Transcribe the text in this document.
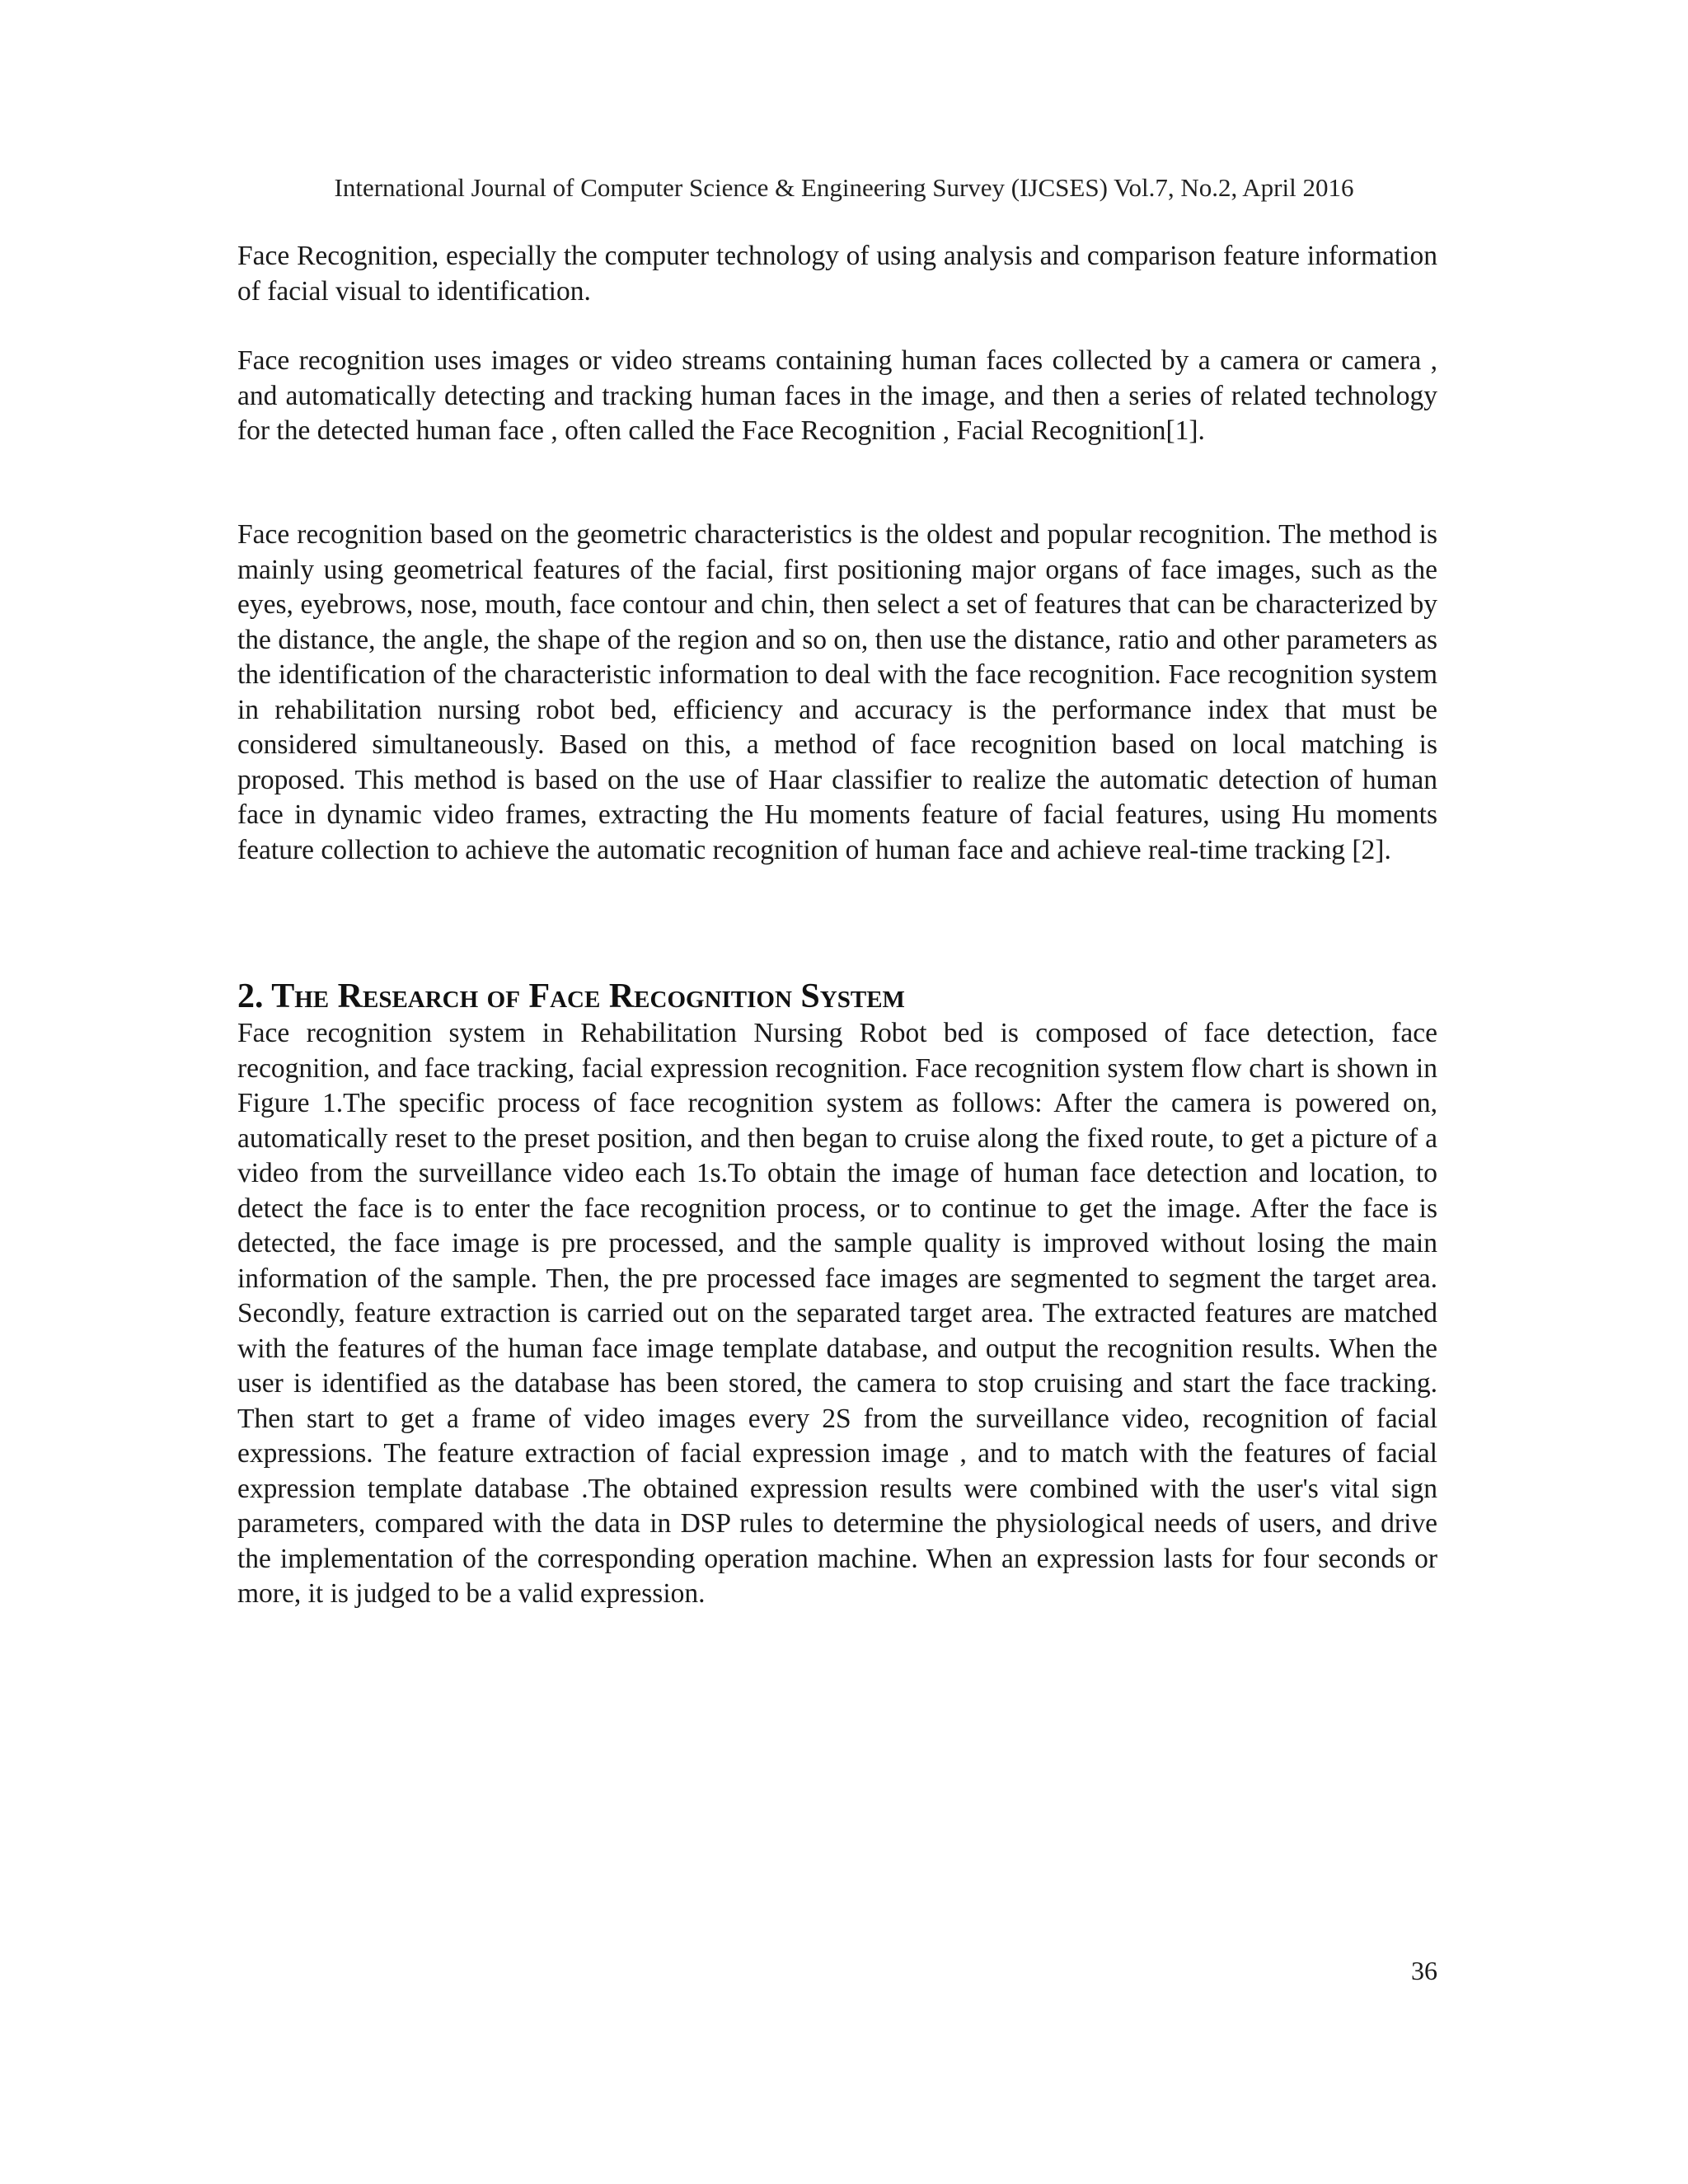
International Journal of Computer Science & Engineering Survey (IJCSES) Vol.7, No.2, April 2016

Face Recognition, especially the computer technology of using analysis and comparison feature information of facial visual to identification.

Face recognition uses images or video streams containing human faces collected by a camera or camera , and automatically detecting and tracking human faces in the image, and then a series of related technology for the detected human face , often called the Face Recognition , Facial Recognition[1].

Face recognition based on the geometric characteristics is the oldest and popular recognition. The method is mainly using geometrical features of the facial, first positioning major organs of face images, such as the eyes, eyebrows, nose, mouth, face contour and chin, then select a set of features that can be characterized by the distance, the angle, the shape of the region and so on, then use the distance, ratio and other parameters as the identification of the characteristic information to deal with the face recognition. Face recognition system in rehabilitation nursing robot bed, efficiency and accuracy is the performance index that must be considered simultaneously. Based on this, a method of face recognition based on local matching is proposed. This method is based on the use of Haar classifier to realize the automatic detection of human face in dynamic video frames, extracting the Hu moments feature of facial features, using Hu moments feature collection to achieve the automatic recognition of human face and achieve real-time tracking [2].

2. The Research of Face Recognition System

Face recognition system in Rehabilitation Nursing Robot bed is composed of face detection, face recognition, and face tracking, facial expression recognition. Face recognition system flow chart is shown in Figure 1.The specific process of face recognition system as follows: After the camera is powered on, automatically reset to the preset position, and then began to cruise along the fixed route, to get a picture of a video from the surveillance video each 1s.To obtain the image of human face detection and location, to detect the face is to enter the face recognition process, or to continue to get the image. After the face is detected, the face image is pre processed, and the sample quality is improved without losing the main information of the sample. Then, the pre processed face images are segmented to segment the target area. Secondly, feature extraction is carried out on the separated target area. The extracted features are matched with the features of the human face image template database, and output the recognition results. When the user is identified as the database has been stored, the camera to stop cruising and start the face tracking. Then start to get a frame of video images every 2S from the surveillance video, recognition of facial expressions. The feature extraction of facial expression image , and to match with the features of facial expression template database .The obtained expression results were combined with the user's vital sign parameters, compared with the data in DSP rules to determine the physiological needs of users, and drive the implementation of the corresponding operation machine. When an expression lasts for four seconds or more, it is judged to be a valid expression.

36
